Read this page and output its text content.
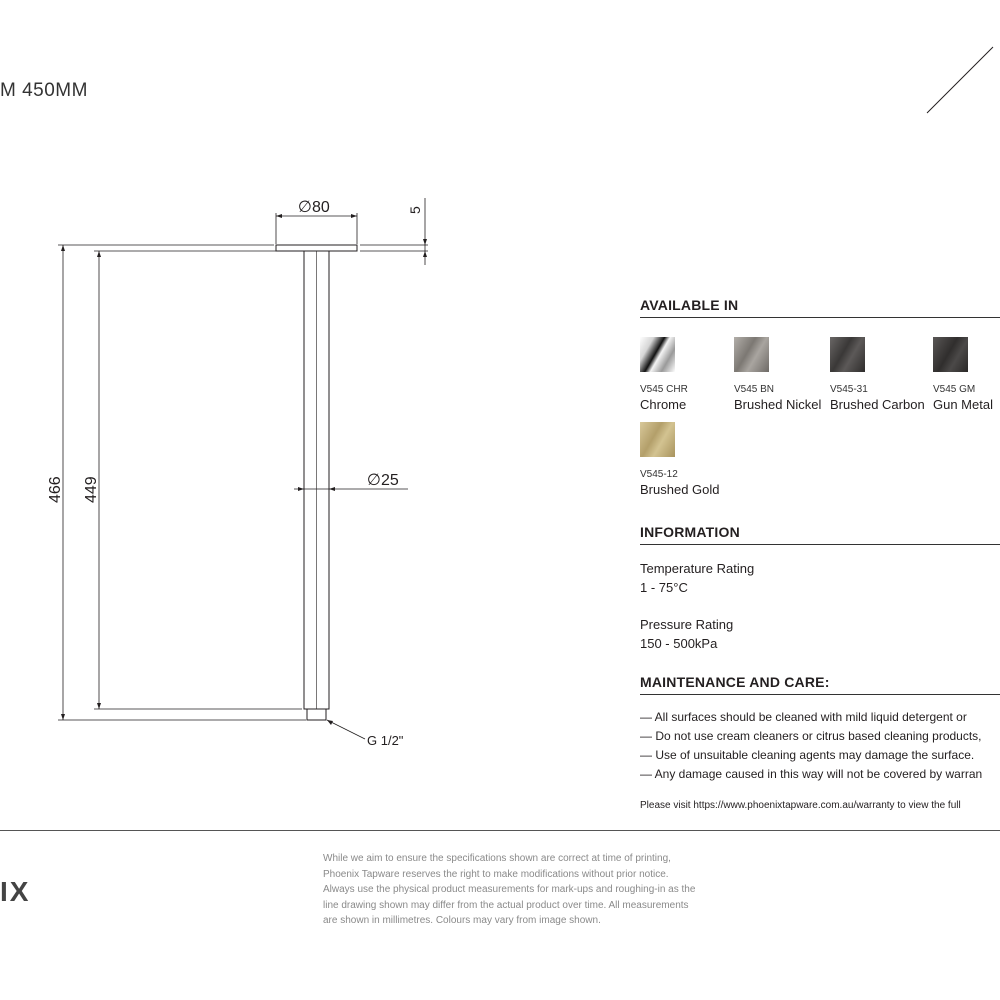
M 450MM
∅80	5
466 449	∅25
G 1/2"
AVAILABLE IN
V545 CHR
Chrome
V545 BN
Brushed Nickel
V545-31
Brushed Carbon
V545 GM
Gun Metal
V545-12
Brushed Gold
INFORMATION
Temperature Rating
1 - 75°C
Pressure Rating
150 - 500kPa
MAINTENANCE AND CARE:
— All surfaces should be cleaned with mild liquid detergent or
— Do not use cream cleaners or citrus based cleaning products,
— Use of unsuitable cleaning agents may damage the surface.
— Any damage caused in this way will not be covered by warran
Please visit https://www.phoenixtapware.com.au/warranty to view the full
IX
While we aim to ensure the specifications shown are correct at time of printing,
Phoenix Tapware reserves the right to make modifications without prior notice.
Always use the physical product measurements for mark-ups and roughing-in as the
line drawing shown may differ from the actual product over time. All measurements
are shown in millimetres. Colours may vary from image shown.
